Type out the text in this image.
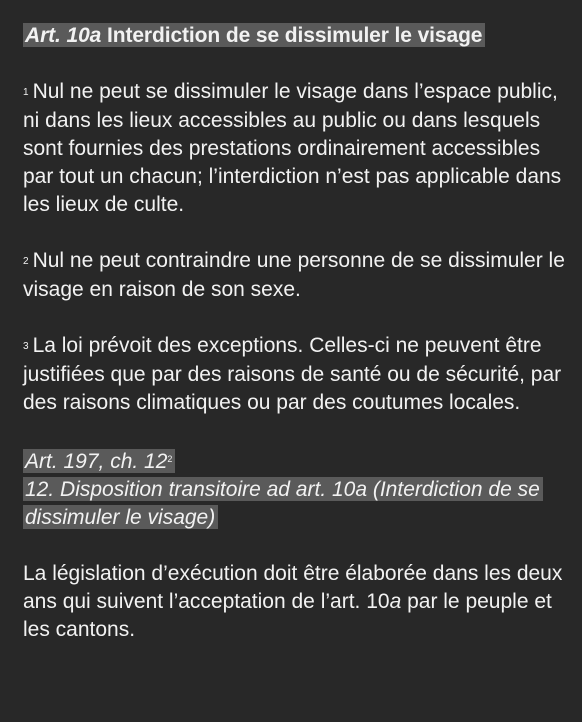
Art. 10a Interdiction de se dissimuler le visage
$^1$ Nul ne peut se dissimuler le visage dans l’espace public, ni dans les lieux accessibles au public ou dans lesquels sont fournies des prestations ordinairement accessibles par tout un chacun; l’interdiction n’est pas applicable dans les lieux de culte.
$^2$ Nul ne peut contraindre une personne de se dissimuler le visage en raison de son sexe.
$^3$ La loi prévoit des exceptions. Celles-ci ne peuvent être justifiées que par des raisons de santé ou de sécurité, par des raisons climatiques ou par des coutumes locales.
Art. 197, ch. $12^2$
12. Disposition transitoire ad art. 10a (Interdiction de se dissimuler le visage)
La législation d’exécution doit être élaborée dans les deux ans qui suivent l’acceptation de l’art. 10a par le peuple et les cantons.
